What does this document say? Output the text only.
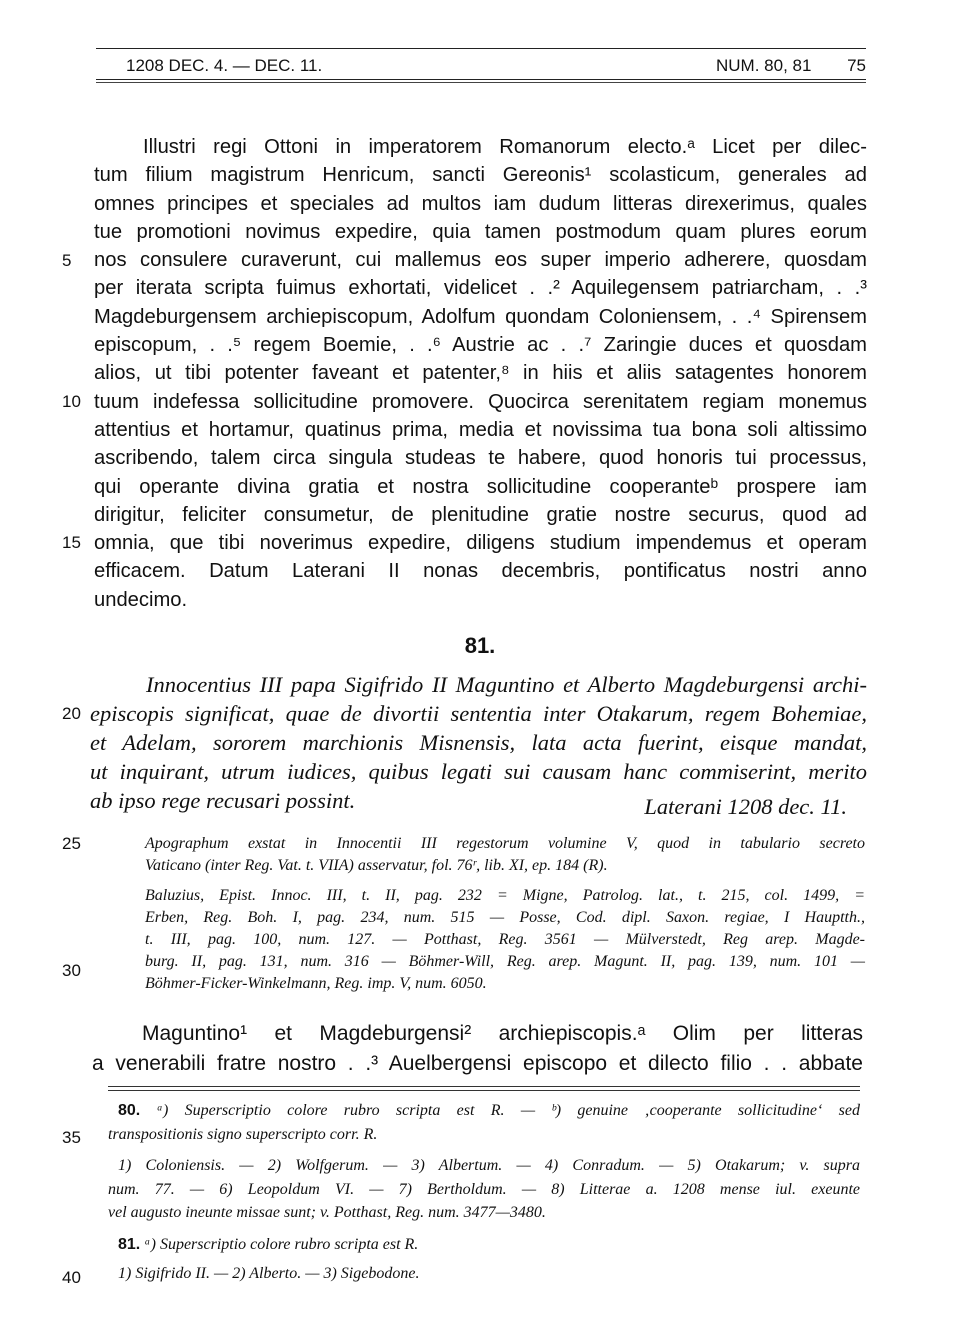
1208 DEC. 4. — DEC. 11.	NUM. 80, 81 75
5
10
15
20
25
30
35
40
Illustri regi Ottoni in imperatorem Romanorum electo.ᵃ Licet per dilec-
tum filium magistrum Henricum, sancti Gereonis¹ scolasticum, generales ad
omnes principes et speciales ad multos iam dudum litteras direxerimus, quales
tue promotioni novimus expedire, quia tamen postmodum quam plures eorum
nos consulere curaverunt, cui mallemus eos super imperio adherere, quosdam
per iterata scripta fuimus exhortati, videlicet . .² Aquilegensem patriarcham, . .³
Magdeburgensem archiepiscopum, Adolfum quondam Coloniensem, . .⁴ Spirensem
episcopum, . .⁵ regem Boemie, . .⁶ Austrie ac . .⁷ Zaringie duces et quosdam
alios, ut tibi potenter faveant et patenter,⁸ in hiis et aliis satagentes honorem
tuum indefessa sollicitudine promovere. Quocirca serenitatem regiam monemus
attentius et hortamur, quatinus prima, media et novissima tua bona soli altissimo
ascribendo, talem circa singula studeas te habere, quod honoris tui processus,
qui operante divina gratia et nostra sollicitudine cooperanteᵇ prospere iam
dirigitur, feliciter consumetur, de plenitudine gratie nostre securus, quod ad
omnia, que tibi noverimus expedire, diligens studium impendemus et operam
efficacem. Datum Laterani II nonas decembris, pontificatus nostri anno
undecimo.
81.
Innocentius III papa Sigifrido II Maguntino et Alberto Magdeburgensi archi-
episcopis significat, quae de divortii sententia inter Otakarum, regem Bohemiae,
et Adelam, sororem marchionis Misnensis, lata acta fuerint, eisque mandat,
ut inquirant, utrum iudices, quibus legati sui causam hanc commiserint, merito
ab ipso rege recusari possint.	Laterani 1208 dec. 11.
Apographum exstat in Innocentii III regestorum volumine V, quod in tabulario secreto
Vaticano (inter Reg. Vat. t. VIIA) asservatur, fol. 76ʳ, lib. XI, ep. 184 (R).
Baluzius, Epist. Innoc. III, t. II, pag. 232 = Migne, Patrolog. lat., t. 215, col. 1499, =
Erben, Reg. Boh. I, pag. 234, num. 515 — Posse, Cod. dipl. Saxon. regiae, I Hauptth.,
t. III, pag. 100, num. 127. — Potthast, Reg. 3561 — Mülverstedt, Reg arep. Magde-
burg. II, pag. 131, num. 316 — Böhmer-Will, Reg. arep. Magunt. II, pag. 139, num. 101 —
Böhmer-Ficker-Winkelmann, Reg. imp. V, num. 6050.
Maguntino¹ et Magdeburgensi² archiepiscopis.ᵃ Olim per litteras
a venerabili fratre nostro . .³ Auelbergensi episcopo et dilecto filio . . abbate
80. ᵃ) Superscriptio colore rubro scripta est R. — ᵇ) genuine ‚cooperante sollicitudine‘ sed
transpositionis signo superscripto corr. R.
1) Coloniensis. — 2) Wolfgerum. — 3) Albertum. — 4) Conradum. — 5) Otakarum; v. supra
num. 77. — 6) Leopoldum VI. — 7) Bertholdum. — 8) Litterae a. 1208 mense iul. exeunte
vel augusto ineunte missae sunt; v. Potthast, Reg. num. 3477—3480.
81. ᵃ) Superscriptio colore rubro scripta est R.
1) Sigifrido II. — 2) Alberto. — 3) Sigebodone.
